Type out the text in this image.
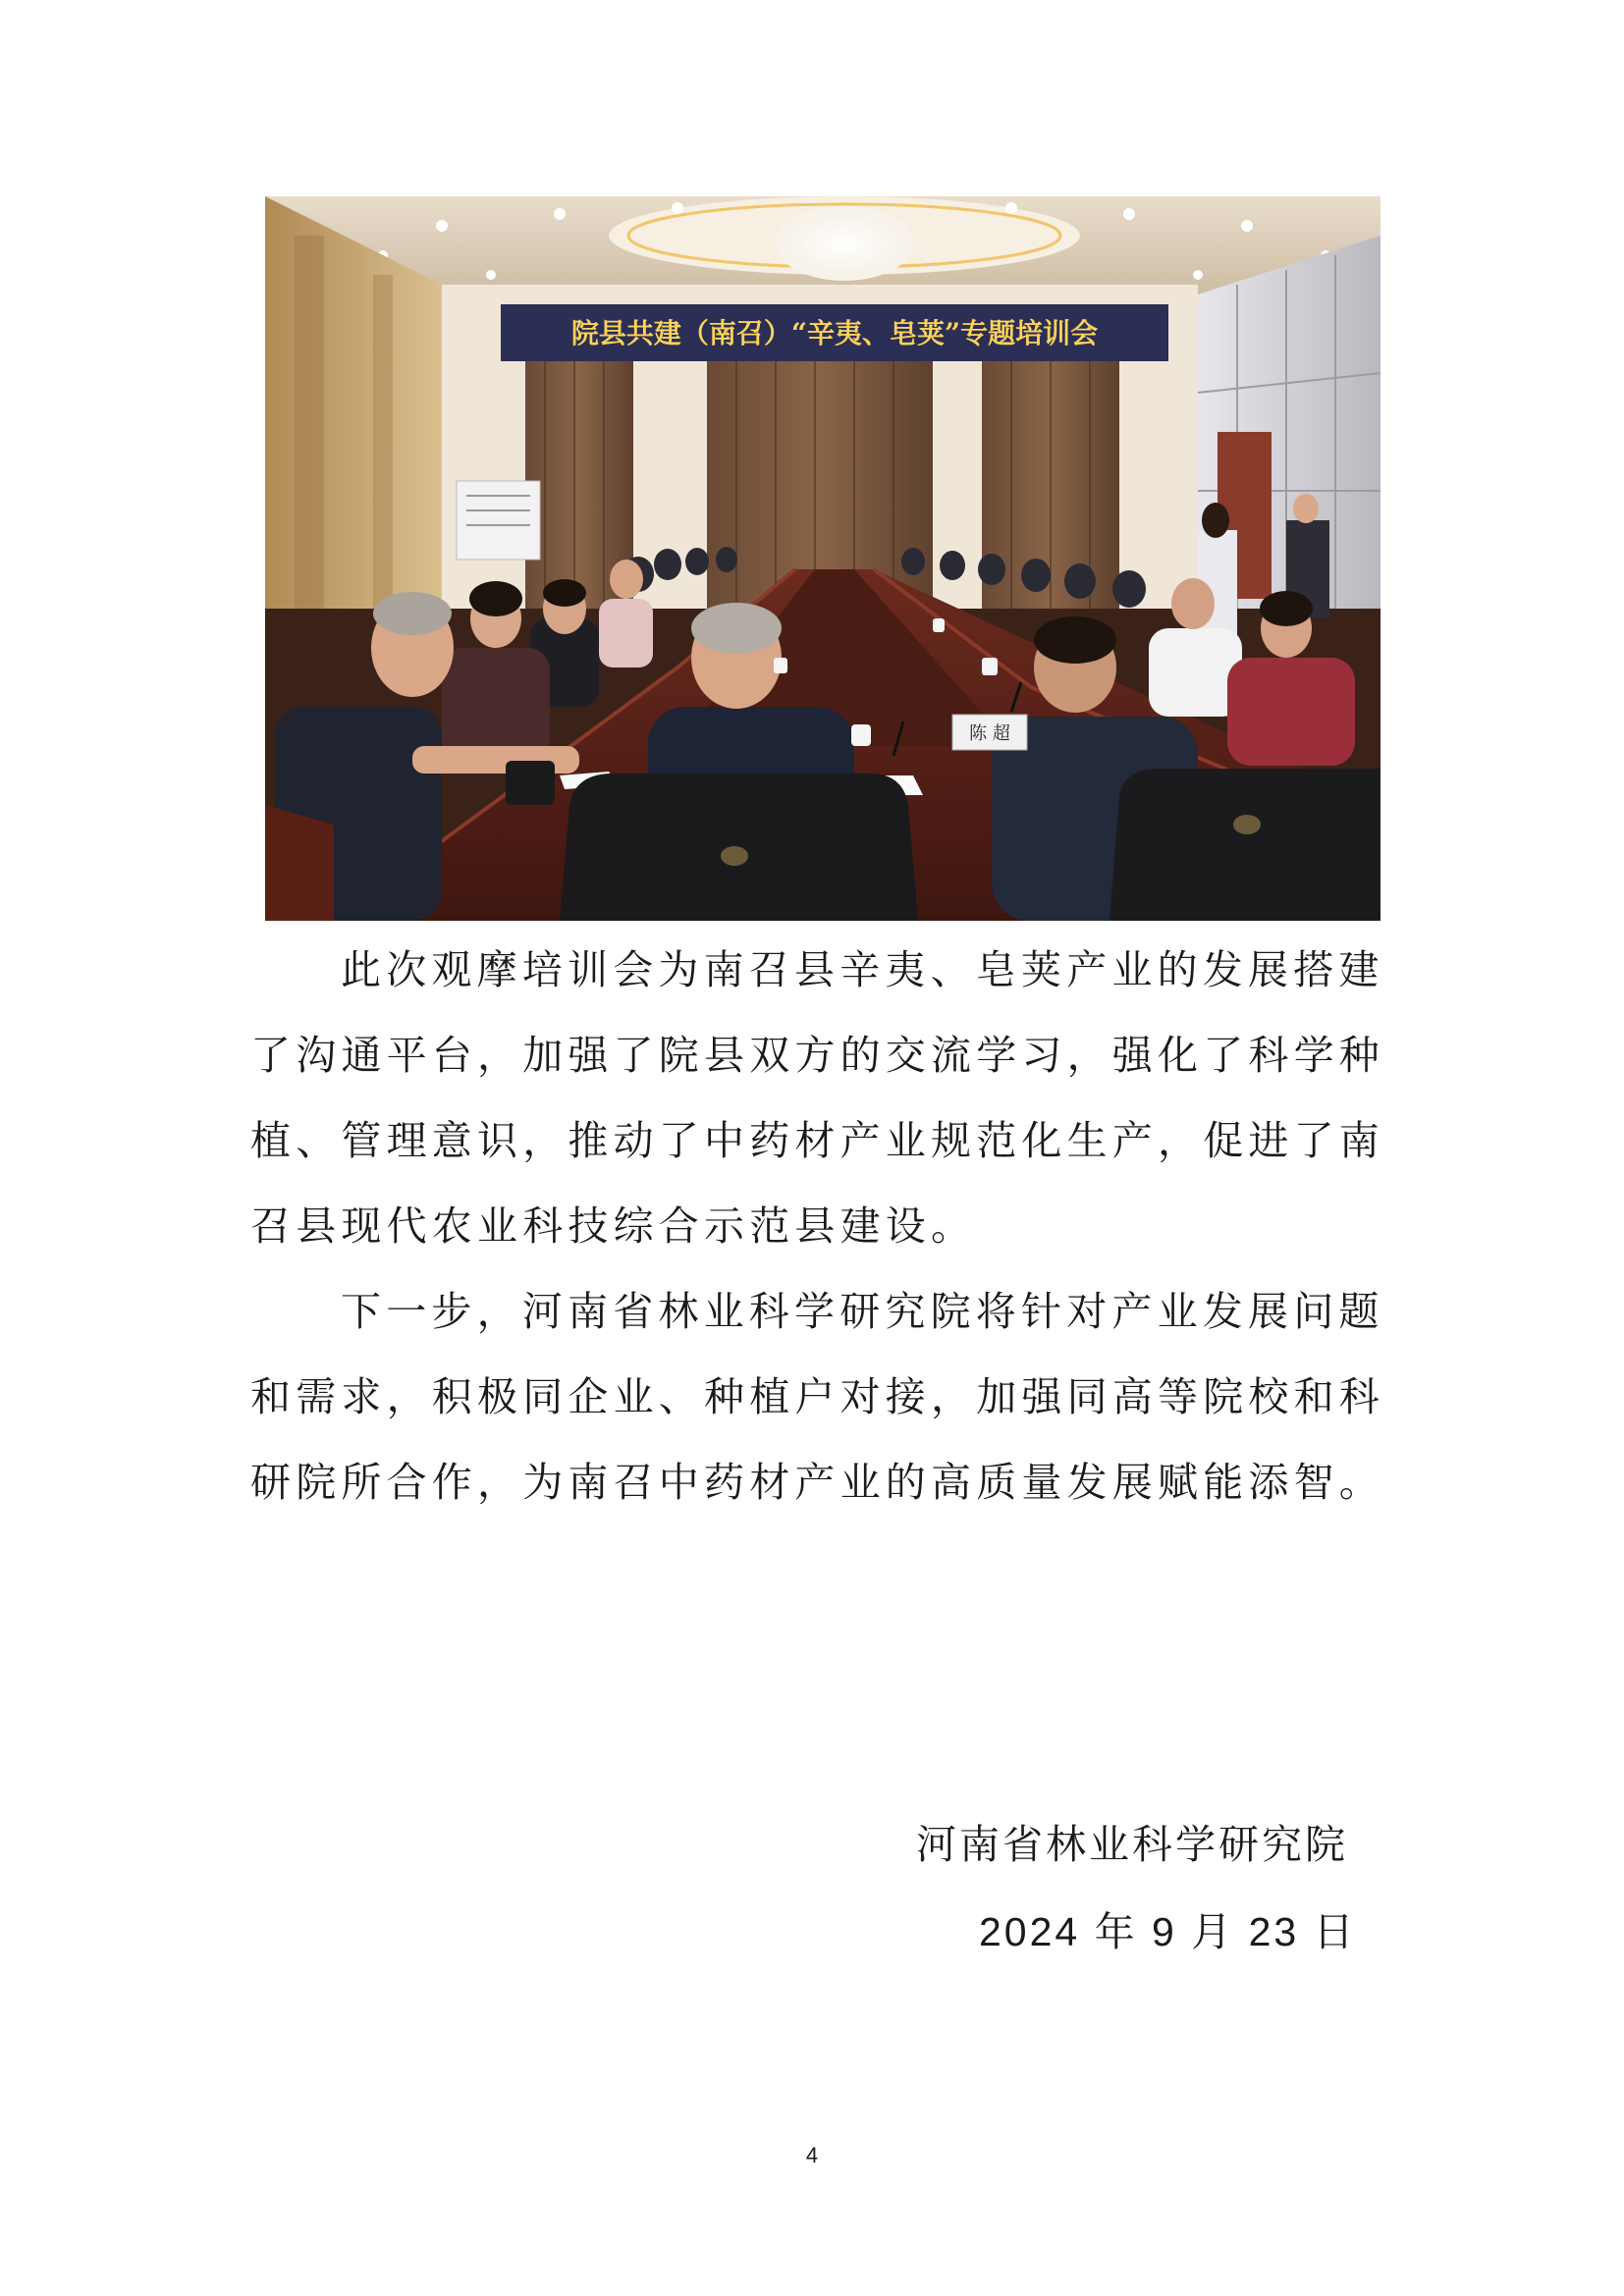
院县共建（南召）“辛夷、皂荚”专题培训会
陈 超

此次观摩培训会为南召县辛夷、皂荚产业的发展搭建了沟通平台，加强了院县双方的交流学习，强化了科学种植、管理意识，推动了中药材产业规范化生产，促进了南召县现代农业科技综合示范县建设。

下一步，河南省林业科学研究院将针对产业发展问题和需求，积极同企业、种植户对接，加强同高等院校和科研院所合作，为南召中药材产业的高质量发展赋能添智。

河南省林业科学研究院
2024 年 9 月 23 日
4
